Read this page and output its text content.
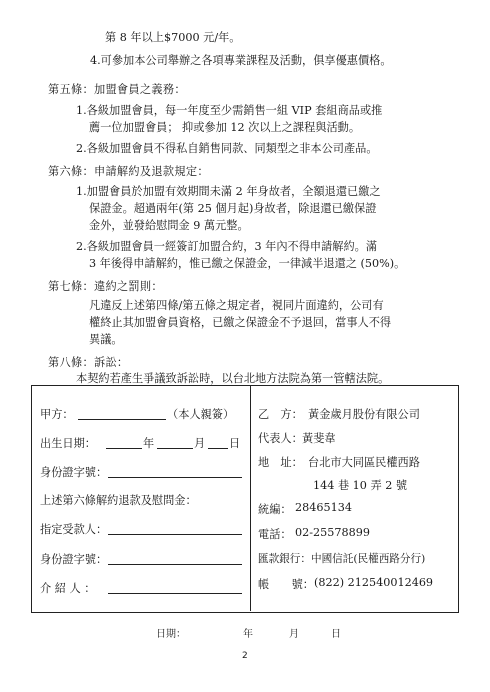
第 8 年以上$7000 元/年。
4.可參加本公司舉辦之各項專業課程及活動，俱享優惠價格。
第五條：加盟會員之義務：
1.各級加盟會員，每一年度至少需銷售一組 VIP 套組商品或推
薦一位加盟會員； 抑或參加 12 次以上之課程與活動。
2.各級加盟會員不得私自銷售同款、同類型之非本公司產品。
第六條：申請解約及退款規定：
1.加盟會員於加盟有效期間未滿 2 年身故者，全額退還已繳之
保證金。超過兩年(第 25 個月起)身故者，除退還已繳保證
金外，並發給慰問金 9 萬元整。
2.各級加盟會員一經簽訂加盟合約，3 年內不得申請解約。滿
3 年後得申請解約，惟已繳之保證金，一律減半退還之 (50%)。
第七條：違約之罰則：
凡違反上述第四條/第五條之規定者，視同片面違約，公司有
權終止其加盟會員資格，已繳之保證金不予退回，當事人不得
異議。
第八條：訴訟：
本契約若產生爭議致訴訟時，以台北地方法院為第一管轄法院。
甲方：	（本人親簽）
出生日期：	年	月 日
身份證字號：
上述第六條解約退款及慰問金：
指定受款人：
身份證字號：
介 紹 人 ：
乙　方： 黃金歲月股份有限公司
代表人： 黃斐韋
地　址： 台北市大同區民權西路
144 巷 10 弄 2 號
統編： 28465134
電話： 02-25578899
匯款銀行： 中國信託(民權西路分行)
帳　　號： (822) 212540012469
日期：	年	月	日
2
